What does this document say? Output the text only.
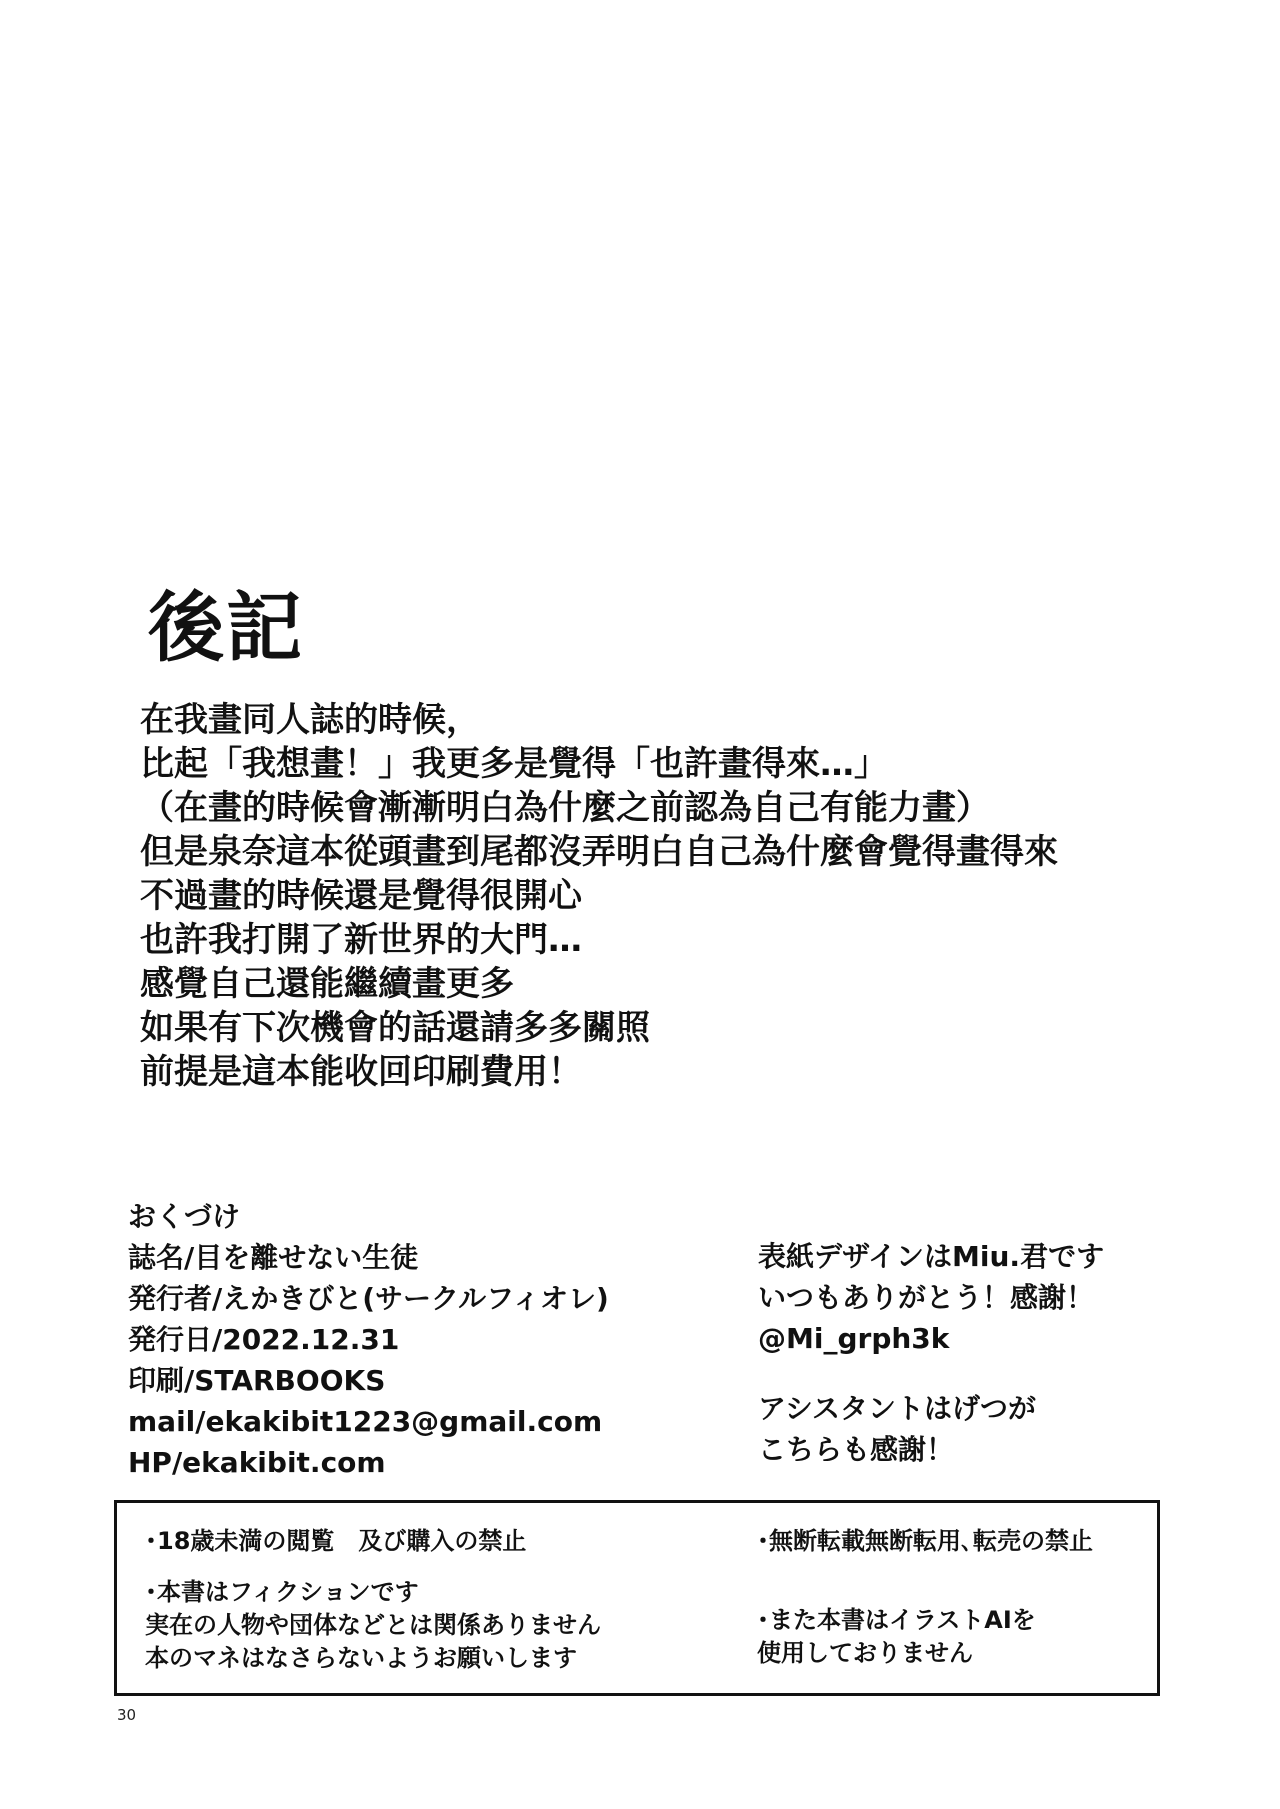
後記
在我畫同人誌的時候，
比起「我想畫！」我更多是覺得「也許畫得來…」
（在畫的時候會漸漸明白為什麼之前認為自己有能力畫）
但是泉奈這本從頭畫到尾都沒弄明白自己為什麼會覺得畫得來
不過畫的時候還是覺得很開心
也許我打開了新世界的大門…
感覺自己還能繼續畫更多
如果有下次機會的話還請多多關照
前提是這本能收回印刷費用！
おくづけ
誌名/目を離せない生徒
発行者/えかきびと(サークルフィオレ)
発行日/2022.12.31
印刷/STARBOOKS
mail/ekakibit1223@gmail.com
HP/ekakibit.com
表紙デザインはMiu.君です
いつもありがとう！感謝！
@Mi_grph3k
アシスタントはげつが
こちらも感謝！
･18歳未満の閲覧　及び購入の禁止
･本書はフィクションです
実在の人物や団体などとは関係ありません
本のマネはなさらないようお願いします
･無断転載無断転用､転売の禁止
･また本書はイラストAIを
使用しておりません
30
